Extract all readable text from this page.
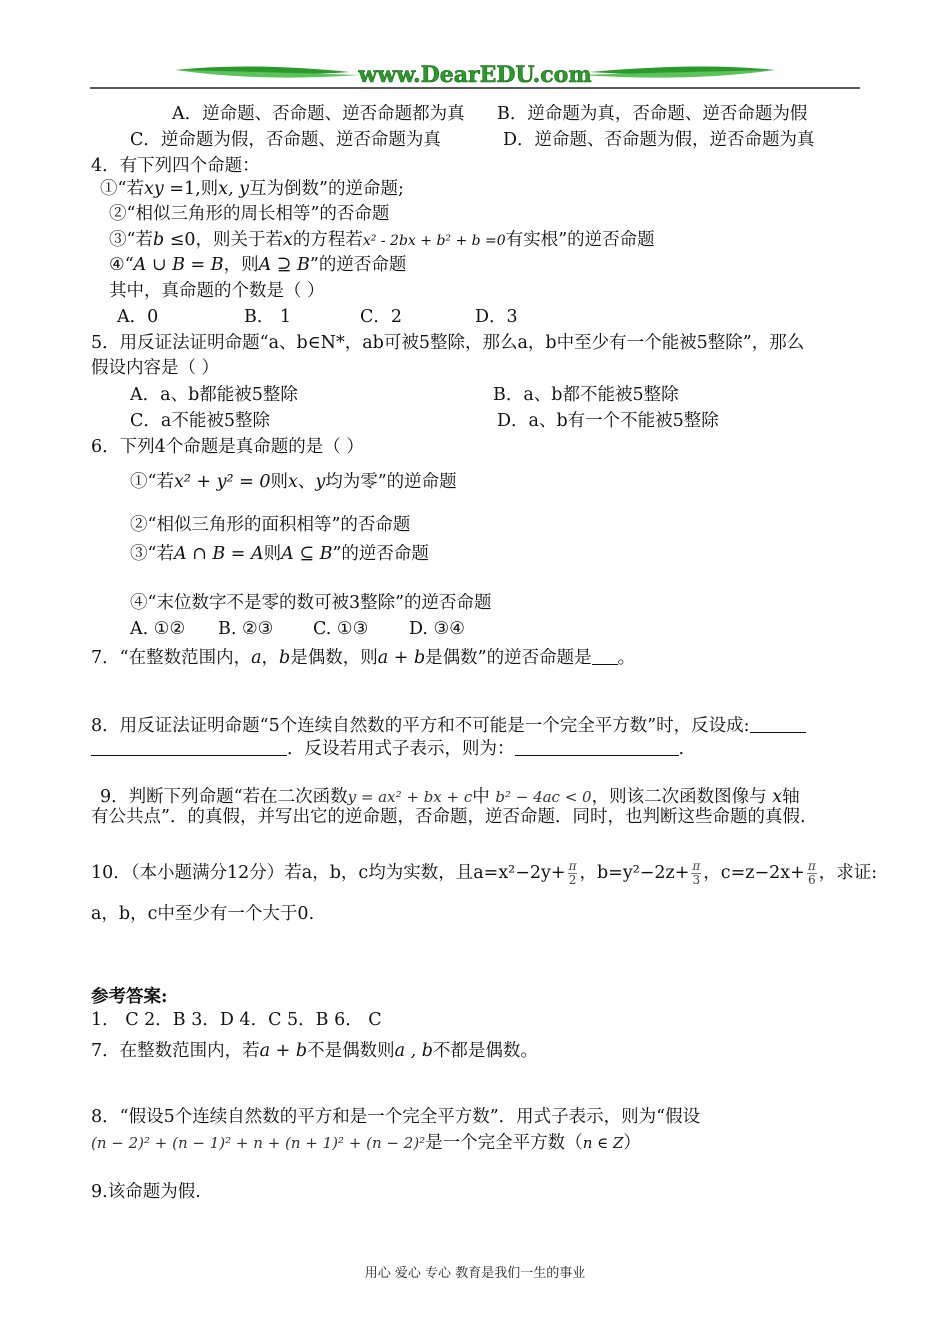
www.DearEDU.com
A．逆命题、否命题、逆否命题都为真 B．逆命题为真，否命题、逆否命题为假
C．逆命题为假，否命题、逆否命题为真	D．逆命题、否命题为假，逆否命题为真
4．有下列四个命题：
①“若xy =1,则x, y互为倒数”的逆命题;
②“相似三角形的周长相等”的否命题
③“若b ≤0，则关于若x的方程若x² - 2bx + b² + b =0有实根”的逆否命题
④“A ∪ B = B，则A ⊇ B”的逆否命题
其中，真命题的个数是（ ）
A．0	B． 1	C．2	D．3
5．用反证法证明命题“a、b∈N*，ab可被5整除，那么a，b中至少有一个能被5整除”，那么
假设内容是（ ）
A．a、b都能被5整除	B．a、b都不能被5整除
C．a不能被5整除	D．a、b有一个不能被5整除
6．下列4个命题是真命题的是（ ）
①“若x² + y² = 0则x、y均为零”的逆命题
②“相似三角形的面积相等”的否命题
③“若A ∩ B = A则A ⊆ B”的逆否命题
④“末位数字不是零的数可被3整除”的逆否命题
A. ①② B. ②③ C. ①③ D. ③④
7．“在整数范围内，a，b是偶数，则a + b是偶数”的逆否命题是 。
8．用反证法证明命题“5个连续自然数的平方和不可能是一个完全平方数”时，反设成:
．反设若用式子表示，则为：	.
9．判断下列命题“若在二次函数y = ax² + bx + c中 b² − 4ac < 0，则该二次函数图像与 x轴
有公共点”．的真假，并写出它的逆命题，否命题，逆否命题．同时，也判断这些命题的真假.
10．（本小题满分12分）若a，b，c均为实数，且$a=x^2-2y+ \frac{\pi}{2}$ ，$b=y^2-2z+ \frac{\pi}{3}$ ，$c=z-2x+ \frac{\pi}{6}$ ，求证:
a，b，c中至少有一个大于0.
参考答案:
1． C 2．B 3．D 4．C 5．B 6． C
7．在整数范围内，若a + b不是偶数则a , b不都是偶数。
8．“假设5个连续自然数的平方和是一个完全平方数”．用式子表示，则为“假设
(n − 2)² + (n − 1)² + n + (n + 1)² + (n − 2)²是一个完全平方数（n ∈ Z）
9.该命题为假.
用心 爱心 专心 教育是我们一生的事业
